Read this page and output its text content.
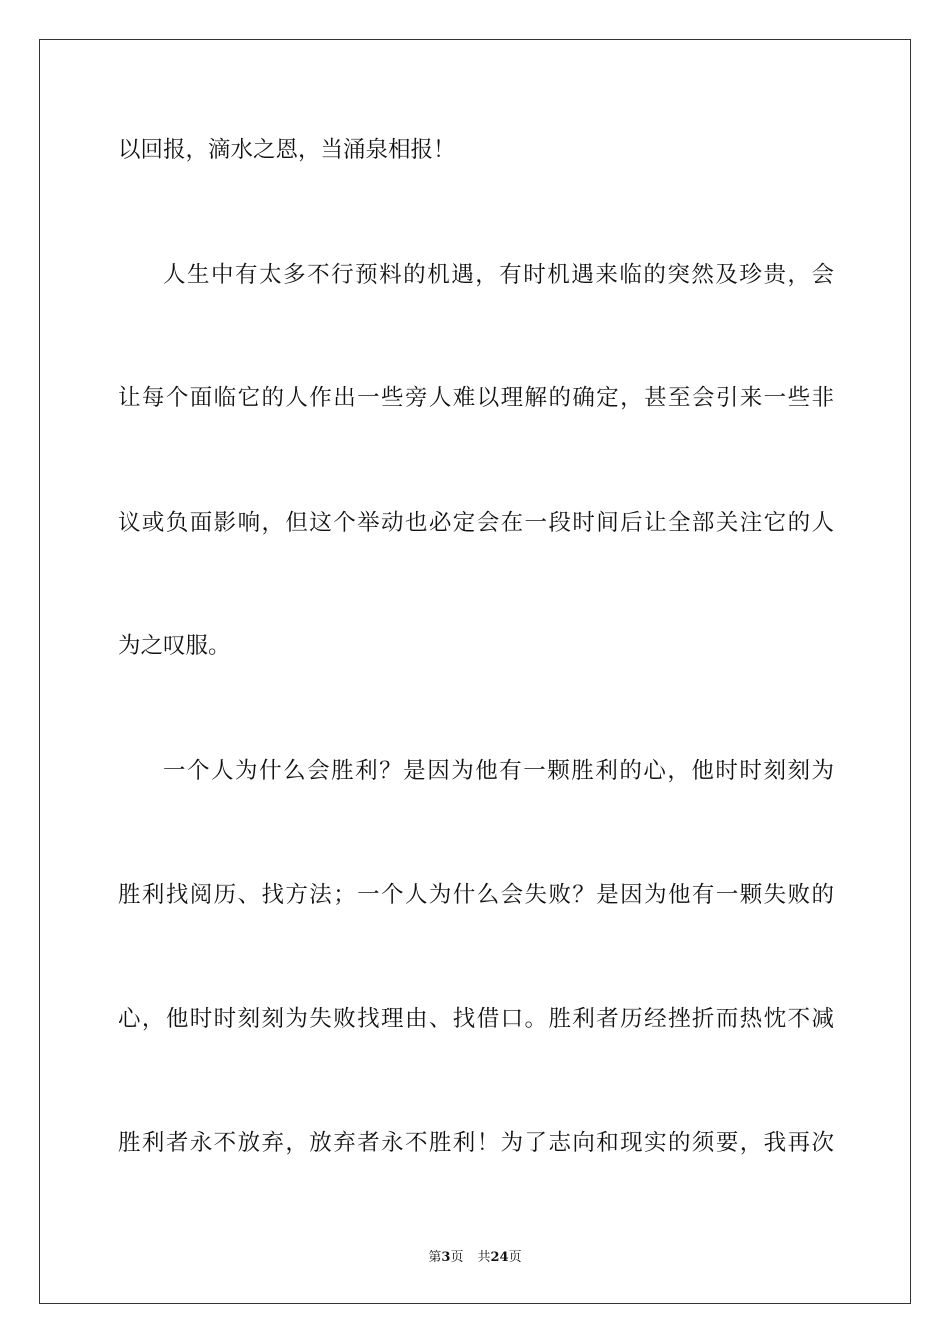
以回报，滴水之恩，当涌泉相报！
人生中有太多不行预料的机遇，有时机遇来临的突然及珍贵，会
让每个面临它的人作出一些旁人难以理解的确定，甚至会引来一些非
议或负面影响，但这个举动也必定会在一段时间后让全部关注它的人
为之叹服。
一个人为什么会胜利？是因为他有一颗胜利的心，他时时刻刻为
胜利找阅历、找方法；一个人为什么会失败？是因为他有一颗失败的
心，他时时刻刻为失败找理由、找借口。胜利者历经挫折而热忱不减
胜利者永不放弃，放弃者永不胜利！为了志向和现实的须要，我再次
第3页 共24页
